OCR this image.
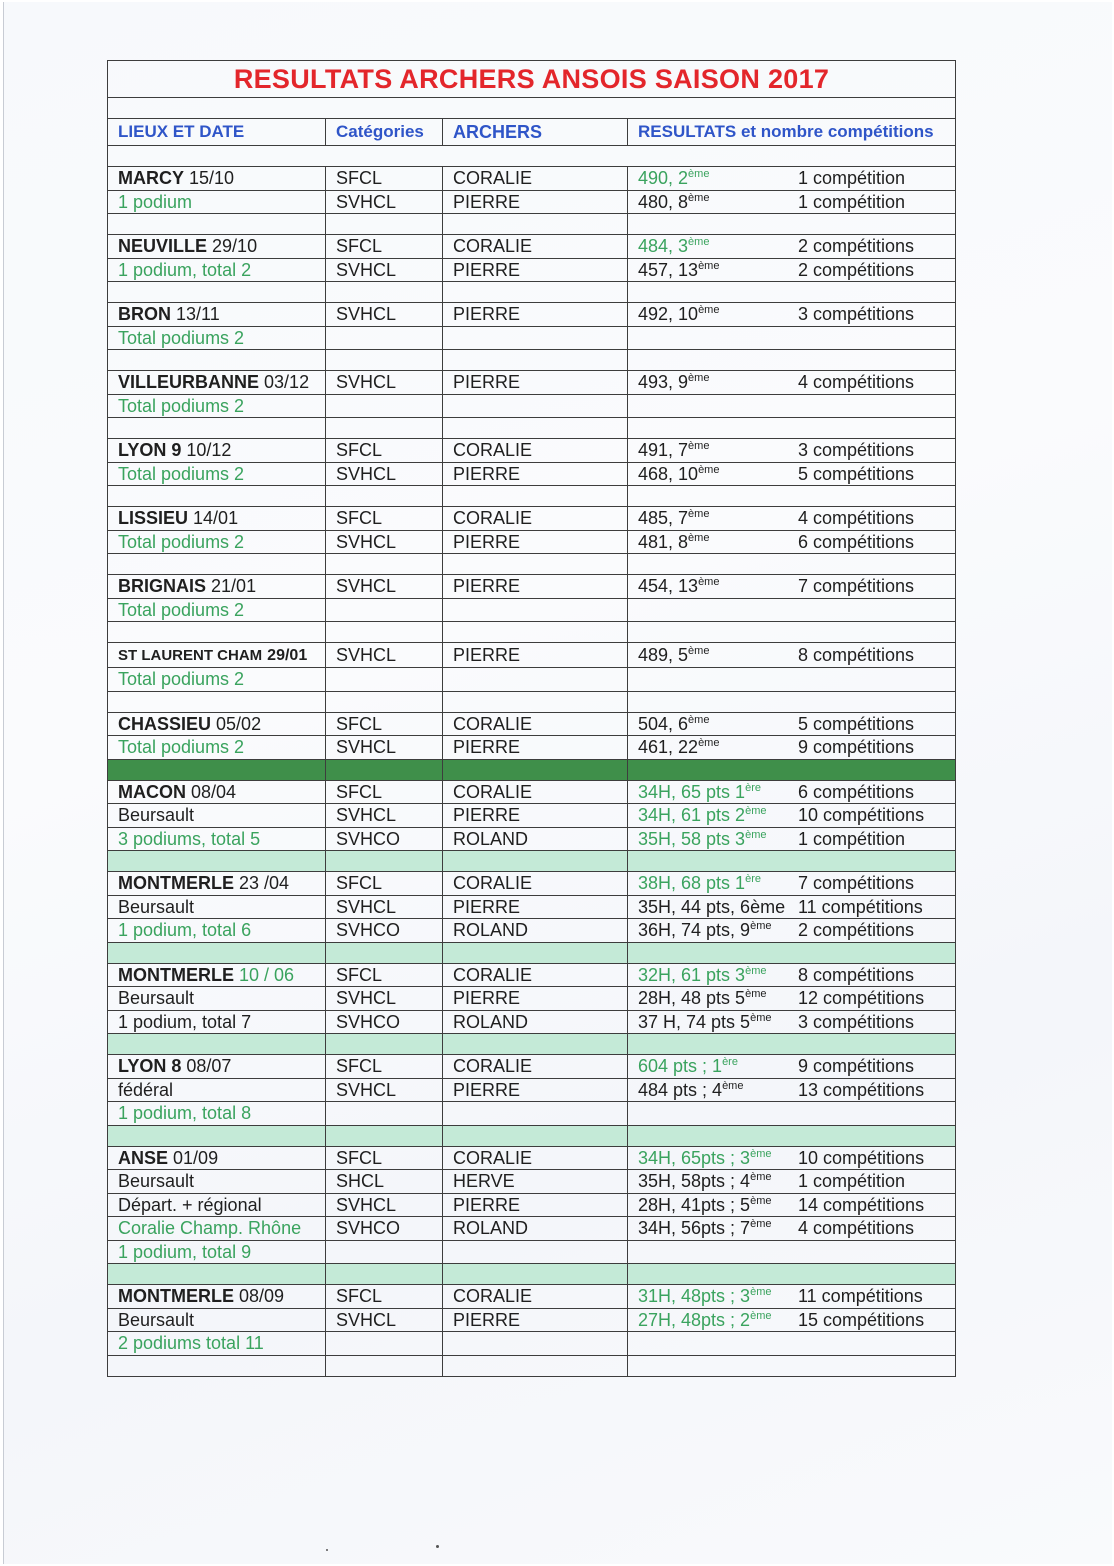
RESULTATS ARCHERS ANSOIS SAISON 2017			

LIEUX ET DATE	Catégories	ARCHERS	RESULTATS et nombre compétitions

MARCY 15/10	SFCL	CORALIE	490, 2ème 1 compétition
1 podium	SVHCL	PIERRE	480, 8ème 1 compétition

NEUVILLE 29/10	SFCL	CORALIE	484, 3ème 2 compétitions
1 podium, total 2	SVHCL	PIERRE	457, 13ème 2 compétitions

BRON 13/11	SVHCL	PIERRE	492, 10ème 3 compétitions
Total podiums 2			

VILLEURBANNE 03/12	SVHCL	PIERRE	493, 9ème 4 compétitions
Total podiums 2			

LYON 9 10/12	SFCL	CORALIE	491, 7ème 3 compétitions
Total podiums 2	SVHCL	PIERRE	468, 10ème 5 compétitions

LISSIEU 14/01	SFCL	CORALIE	485, 7ème 4 compétitions
Total podiums 2	SVHCL	PIERRE	481, 8ème 6 compétitions

BRIGNAIS 21/01	SVHCL	PIERRE	454, 13ème 7 compétitions
Total podiums 2			

ST LAURENT CHAM 29/01	SVHCL	PIERRE	489, 5ème 8 compétitions
Total podiums 2			

CHASSIEU 05/02	SFCL	CORALIE	504, 6ème 5 compétitions
Total podiums 2	SVHCL	PIERRE	461, 22ème 9 compétitions

MACON 08/04	SFCL	CORALIE	34H, 65 pts 1ère 6 compétitions
Beursault	SVHCL	PIERRE	34H, 61 pts 2ème 10 compétitions
3 podiums, total 5	SVHCO	ROLAND	35H, 58 pts 3ème 1 compétition

MONTMERLE 23 /04	SFCL	CORALIE	38H, 68 pts 1ère 7 compétitions
Beursault	SVHCL	PIERRE	35H, 44 pts, 6ème 11 compétitions
1 podium, total 6	SVHCO	ROLAND	36H, 74 pts, 9ème 2 compétitions

MONTMERLE 10 / 06	SFCL	CORALIE	32H, 61 pts 3ème 8 compétitions
Beursault	SVHCL	PIERRE	28H, 48 pts 5ème 12 compétitions
1 podium, total 7	SVHCO	ROLAND	37 H, 74 pts 5ème 3 compétitions

LYON 8 08/07	SFCL	CORALIE	604 pts ; 1ère 9 compétitions
fédéral	SVHCL	PIERRE	484 pts ; 4ème 13 compétitions
1 podium, total 8			

ANSE 01/09	SFCL	CORALIE	34H, 65pts ; 3ème 10 compétitions
Beursault	SHCL	HERVE	35H, 58pts ; 4ème 1 compétition
Départ. + régional	SVHCL	PIERRE	28H, 41pts ; 5ème 14 compétitions
Coralie Champ. Rhône	SVHCO	ROLAND	34H, 56pts ; 7ème 4 compétitions
1 podium, total 9			

MONTMERLE 08/09	SFCL	CORALIE	31H, 48pts ; 3ème 11 compétitions
Beursault	SVHCL	PIERRE	27H, 48pts ; 2ème 15 compétitions
2 podiums total 11			
